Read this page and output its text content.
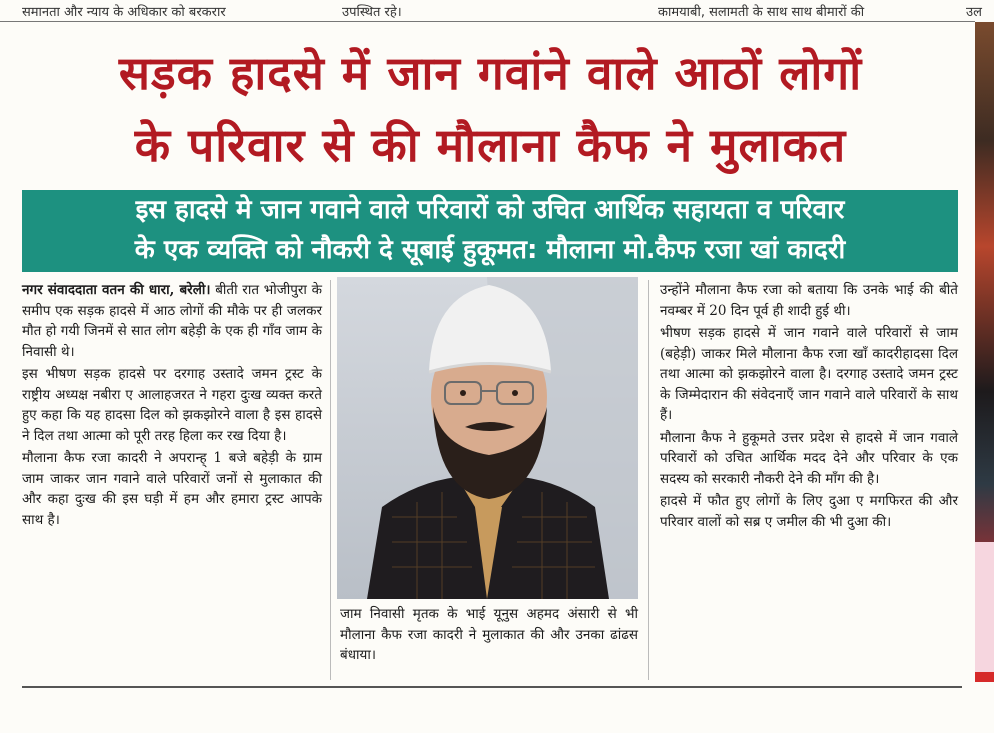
समानता और न्याय के अधिकार को बरकरार	उपस्थित रहे।	कामयाबी, सलामती के साथ साथ बीमारों की	उल
सड़क हादसे में जान गवांने वाले आठों लोगों
के परिवार से की मौलाना कैफ ने मुलाकत
इस हादसे मे जान गवाने वाले परिवारों को उचित आर्थिक सहायता व परिवार
के एक व्यक्ति को नौकरी दे सूबाई हुकूमत: मौलाना मो.कैफ रजा खां कादरी

नगर संवाददाता वतन की धारा, बरेली। बीती रात भोजीपुरा के समीप एक सड़क हादसे में आठ लोगों की मौके पर ही जलकर मौत हो गयी जिनमें से सात लोग बहेड़ी के एक ही गाँव जाम के निवासी थे।

इस भीषण सड़क हादसे पर दरगाह उस्तादे जमन ट्रस्ट के राष्ट्रीय अध्यक्ष नबीरा ए आलाहजरत ने गहरा दुःख व्यक्त करते हुए कहा कि यह हादसा दिल को झकझोरने वाला है इस हादसे ने दिल तथा आत्मा को पूरी तरह हिला कर रख दिया है।

मौलाना कैफ रजा कादरी ने अपरान्ह् 1 बजे बहेड़ी के ग्राम जाम जाकर जान गवाने वाले परिवारों जनों से मुलाकात की और कहा दुःख की इस घड़ी में हम और हमारा ट्रस्ट आपके साथ है।

जाम निवासी मृतक के भाई यूनुस अहमद अंसारी से भी मौलाना कैफ रजा कादरी ने मुलाकात की और उनका ढांढस बंधाया।

उन्होंने मौलाना कैफ रजा को बताया कि उनके भाई की बीते नवम्बर में 20 दिन पूर्व ही शादी हुई थी।

भीषण सड़क हादसे में जान गवाने वाले परिवारों से जाम (बहेड़ी) जाकर मिले मौलाना कैफ रजा खाँ कादरीहादसा दिल तथा आत्मा को झकझोरने वाला है। दरगाह उस्तादे जमन ट्रस्ट के जिम्मेदारान की संवेदनाएँ जान गवाने वाले परिवारों के साथ हैं।

मौलाना कैफ ने हुकूमते उत्तर प्रदेश से हादसे में जान गवाले परिवारों को उचित आर्थिक मदद देने और परिवार के एक सदस्य को सरकारी नौकरी देने की माँग की है।

हादसे में फौत हुए लोगों के लिए दुआ ए मगफिरत की और परिवार वालों को सब्र ए जमील की भी दुआ की।
